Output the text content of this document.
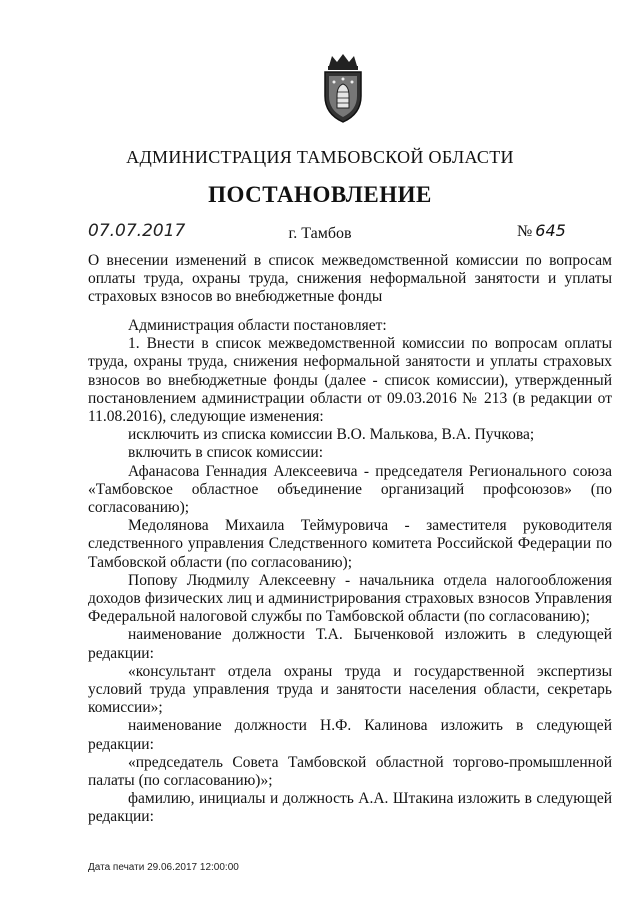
АДМИНИСТРАЦИЯ ТАМБОВСКОЙ ОБЛАСТИ
ПОСТАНОВЛЕНИЕ
07.07.2017	г. Тамбов	№ 645
О внесении изменений в список межведомственной комиссии по вопросам оплаты труда, охраны труда, снижения неформальной занятости и уплаты страховых взносов во внебюджетные фонды

Администрация области постановляет:

1. Внести в список межведомственной комиссии по вопросам оплаты труда, охраны труда, снижения неформальной занятости и уплаты страховых взносов во внебюджетные фонды (далее - список комиссии), утвержденный постановлением администрации области от 09.03.2016 № 213 (в редакции от 11.08.2016), следующие изменения:

исключить из списка комиссии В.О. Малькова, В.А. Пучкова;

включить в список комиссии:

Афанасова Геннадия Алексеевича - председателя Регионального союза «Тамбовское областное объединение организаций профсоюзов» (по согласованию);

Медолянова Михаила Теймуровича - заместителя руководителя следственного управления Следственного комитета Российской Федерации по Тамбовской области (по согласованию);

Попову Людмилу Алексеевну - начальника отдела налогообложения доходов физических лиц и администрирования страховых взносов Управления Федеральной налоговой службы по Тамбовской области (по согласованию);

наименование должности Т.А. Быченковой изложить в следующей редакции:

«консультант отдела охраны труда и государственной экспертизы условий труда управления труда и занятости населения области, секретарь комиссии»;

наименование должности Н.Ф. Калинова изложить в следующей редакции:

«председатель Совета Тамбовской областной торгово-промышленной палаты (по согласованию)»;

фамилию, инициалы и должность А.А. Штакина изложить в следующей редакции:

Дата печати 29.06.2017 12:00:00
